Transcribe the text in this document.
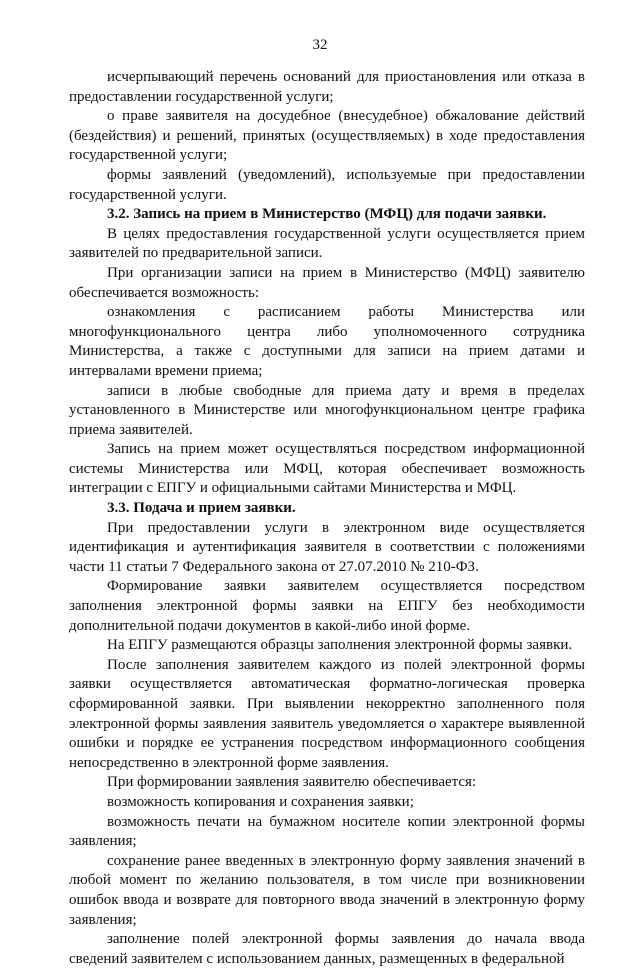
32

исчерпывающий перечень оснований для приостановления или отказа в предоставлении государственной услуги;

о праве заявителя на досудебное (внесудебное) обжалование действий (бездействия) и решений, принятых (осуществляемых) в ходе предоставления государственной услуги;

формы заявлений (уведомлений), используемые при предоставлении государственной услуги.

3.2. Запись на прием в Министерство (МФЦ) для подачи заявки.

В целях предоставления государственной услуги осуществляется прием заявителей по предварительной записи.

При организации записи на прием в Министерство (МФЦ) заявителю обеспечивается возможность:

ознакомления с расписанием работы Министерства или многофункционального центра либо уполномоченного сотрудника Министерства, а также с доступными для записи на прием датами и интервалами времени приема;

записи в любые свободные для приема дату и время в пределах установленного в Министерстве или многофункциональном центре графика приема заявителей.

Запись на прием может осуществляться посредством информационной системы Министерства или МФЦ, которая обеспечивает возможность интеграции с ЕПГУ и официальными сайтами Министерства и МФЦ.

3.3. Подача и прием заявки.

При предоставлении услуги в электронном виде осуществляется идентификация и аутентификация заявителя в соответствии с положениями части 11 статьи 7 Федерального закона от 27.07.2010 № 210-ФЗ.

Формирование заявки заявителем осуществляется посредством заполнения электронной формы заявки на ЕПГУ без необходимости дополнительной подачи документов в какой-либо иной форме.

На ЕПГУ размещаются образцы заполнения электронной формы заявки.

После заполнения заявителем каждого из полей электронной формы заявки осуществляется автоматическая форматно-логическая проверка сформированной заявки. При выявлении некорректно заполненного поля электронной формы заявления заявитель уведомляется о характере выявленной ошибки и порядке ее устранения посредством информационного сообщения непосредственно в электронной форме заявления.

При формировании заявления заявителю обеспечивается:

возможность копирования и сохранения заявки;

возможность печати на бумажном носителе копии электронной формы заявления;

сохранение ранее введенных в электронную форму заявления значений в любой момент по желанию пользователя, в том числе при возникновении ошибок ввода и возврате для повторного ввода значений в электронную форму заявления;

заполнение полей электронной формы заявления до начала ввода сведений заявителем с использованием данных, размещенных в федеральной
